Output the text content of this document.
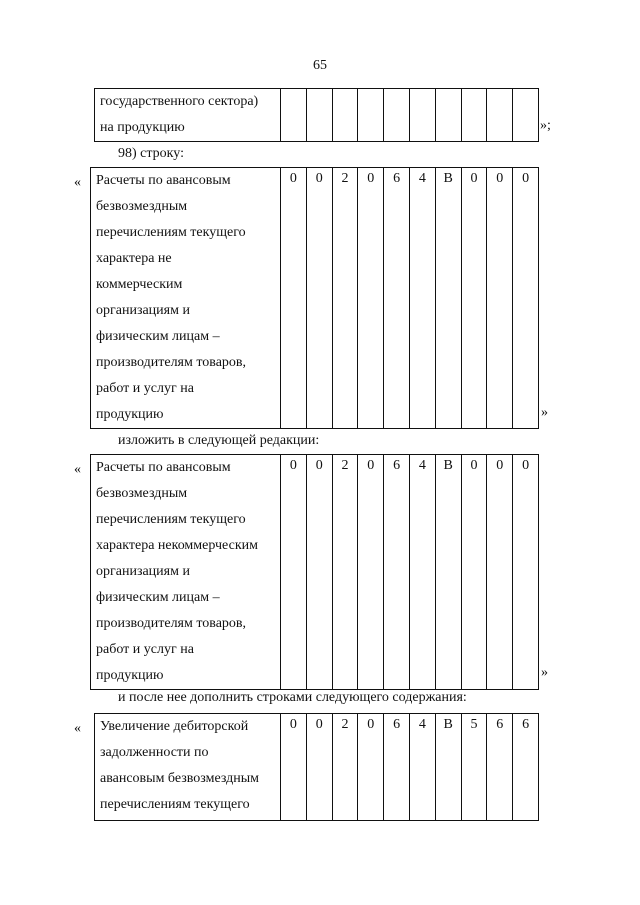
65
государственного сектора)
на продукцию

		»;
98) строку:
« Расчеты по авансовым
безвозмездным
перечислениям текущего
характера не
коммерческим
организациям и
физическим лицам –
производителям товаров,
работ и услуг на
продукцию

0	0	2	0	6	4	В	0	0	0
»
изложить в следующей редакции:
« Расчеты по авансовым
безвозмездным
перечислениям текущего
характера некоммерческим
организациям и
физическим лицам –
производителям товаров,
работ и услуг на
продукцию

0	0	2	0	6	4	В	0	0	0
»
и после нее дополнить строками следующего содержания:
« Увеличение дебиторской
задолженности по
авансовым безвозмездным
перечислениям текущего

0	0	2	0	6	4	В	5	6	6
